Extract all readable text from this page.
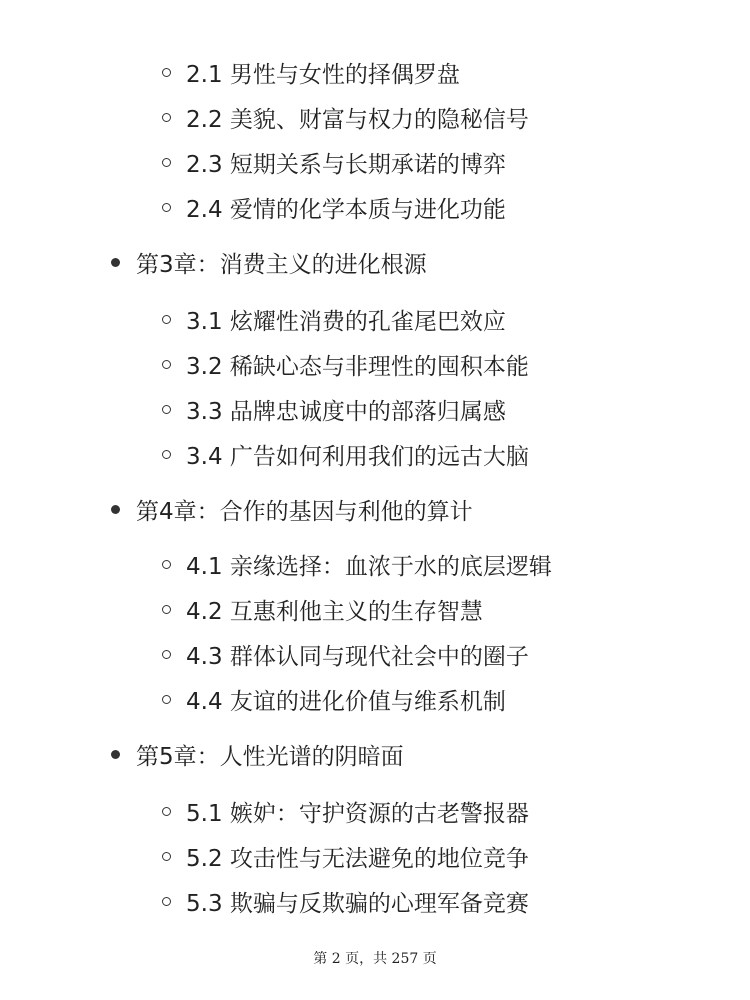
2.1 男性与女性的择偶罗盘
2.2 美貌、财富与权力的隐秘信号
2.3 短期关系与长期承诺的博弈
2.4 爱情的化学本质与进化功能
第3章：消费主义的进化根源
3.1 炫耀性消费的孔雀尾巴效应
3.2 稀缺心态与非理性的囤积本能
3.3 品牌忠诚度中的部落归属感
3.4 广告如何利用我们的远古大脑
第4章：合作的基因与利他的算计
4.1 亲缘选择：血浓于水的底层逻辑
4.2 互惠利他主义的生存智慧
4.3 群体认同与现代社会中的圈子
4.4 友谊的进化价值与维系机制
第5章：人性光谱的阴暗面
5.1 嫉妒：守护资源的古老警报器
5.2 攻击性与无法避免的地位竞争
5.3 欺骗与反欺骗的心理军备竞赛
第 2 页，共 257 页
